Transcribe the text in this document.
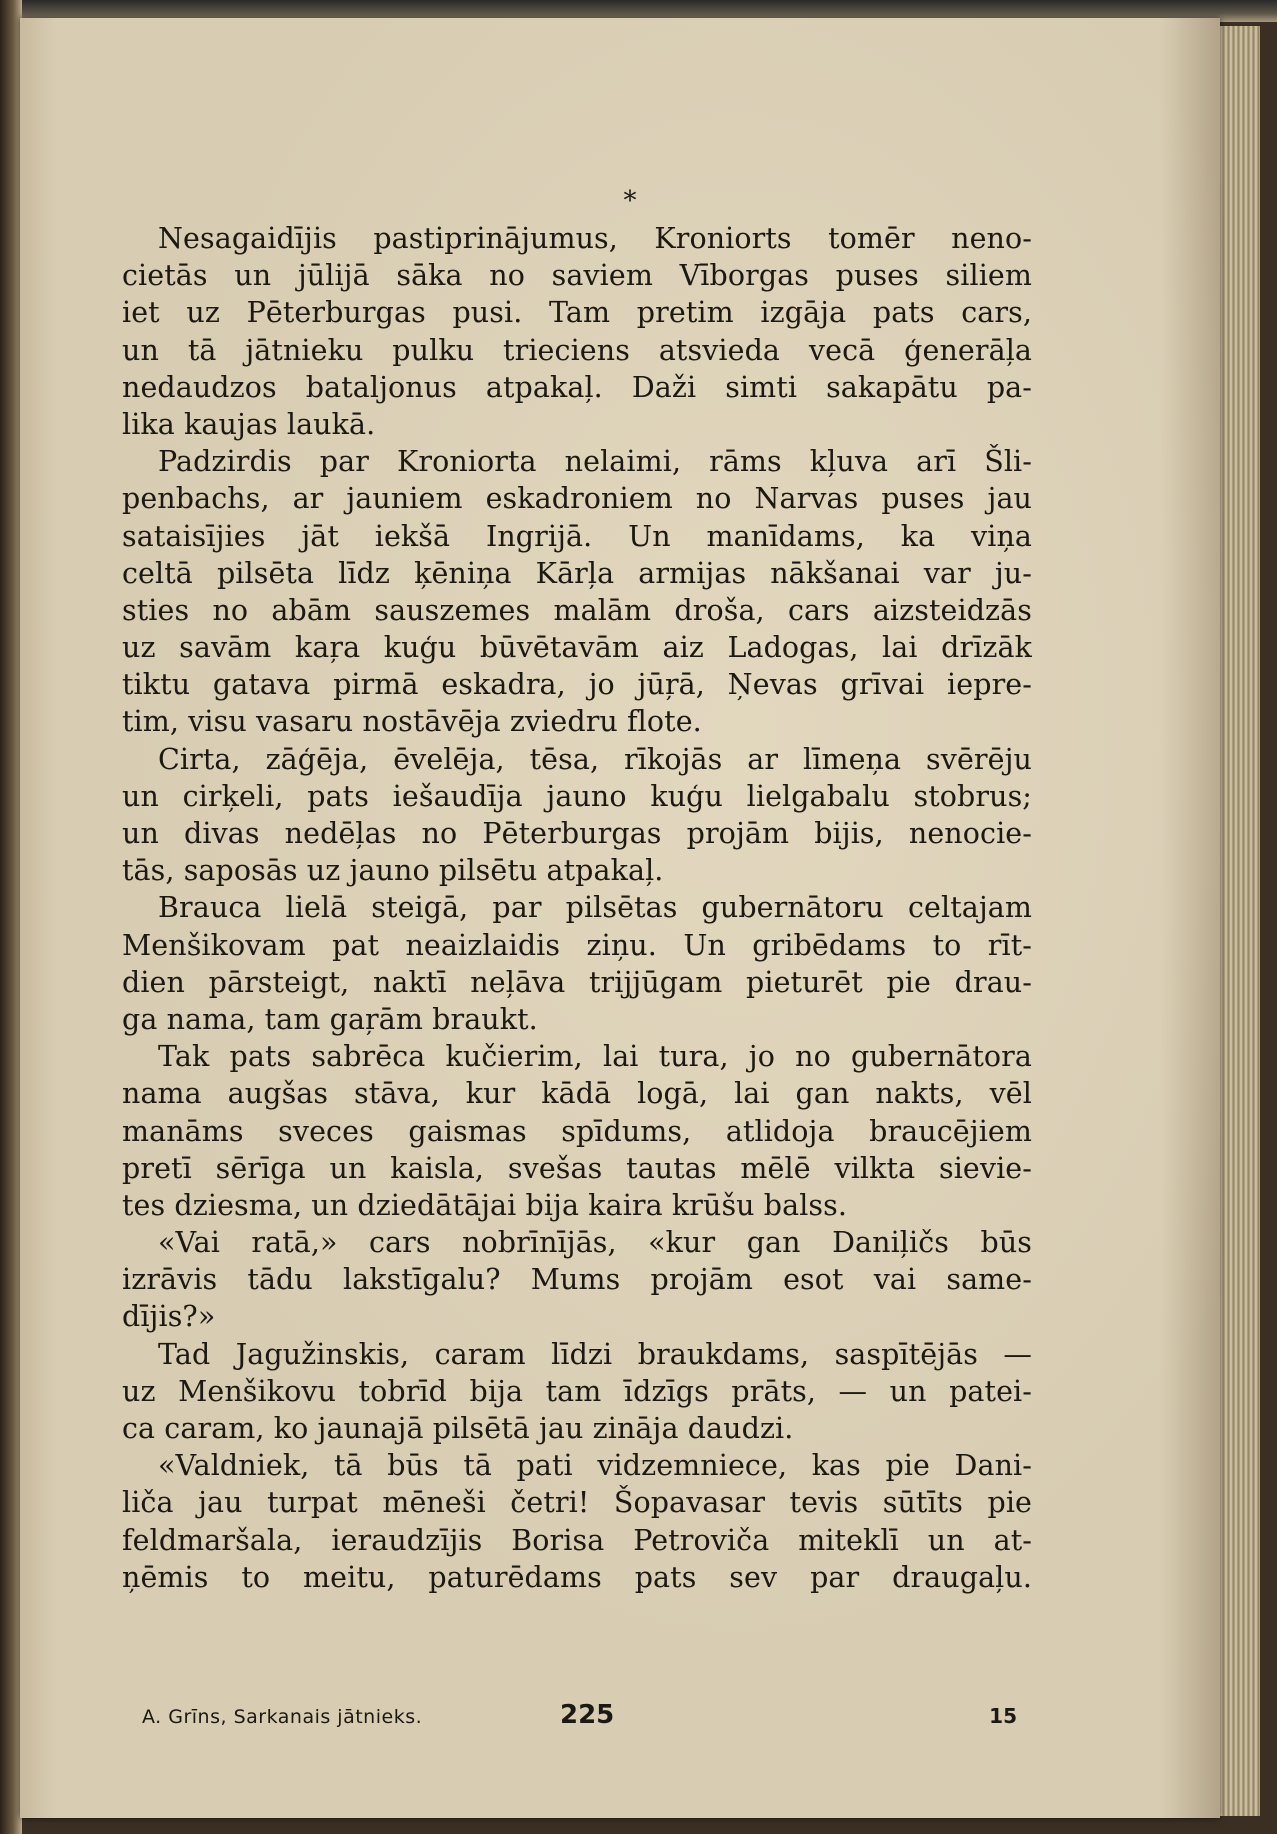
*
Nesagaidījis pastiprinājumus, Kroniorts tomēr neno-
cietās un jūlijā sāka no saviem Vīborgas puses siliem
iet uz Pēterburgas pusi. Tam pretim izgāja pats cars,
un tā jātnieku pulku trieciens atsvieda vecā ģenerāļa
nedaudzos bataljonus atpakaļ. Daži simti sakapātu pa-
lika kaujas laukā.
Padzirdis par Kroniorta nelaimi, rāms kļuva arī Šli-
penbachs, ar jauniem eskadroniem no Narvas puses jau
sataisījies jāt iekšā Ingrijā. Un manīdams, ka viņa
celtā pilsēta līdz ķēniņa Kārļa armijas nākšanai var ju-
sties no abām sauszemes malām droša, cars aizsteidzās
uz savām kaŗa kuģu būvētavām aiz Ladogas, lai drīzāk
tiktu gatava pirmā eskadra, jo jūŗā, Ņevas grīvai iepre-
tim, visu vasaru nostāvēja zviedru flote.
Cirta, zāģēja, ēvelēja, tēsa, rīkojās ar līmeņa svērēju
un cirķeli, pats iešaudīja jauno kuģu lielgabalu stobrus;
un divas nedēļas no Pēterburgas projām bijis, nenocie-
tās, saposās uz jauno pilsētu atpakaļ.
Brauca lielā steigā, par pilsētas gubernātoru celtajam
Menšikovam pat neaizlaidis ziņu. Un gribēdams to rīt-
dien pārsteigt, naktī neļāva trijjūgam pieturēt pie drau-
ga nama, tam gaŗām braukt.
Tak pats sabrēca kučierim, lai tura, jo no gubernātora
nama augšas stāva, kur kādā logā, lai gan nakts, vēl
manāms sveces gaismas spīdums, atlidoja braucējiem
pretī sērīga un kaisla, svešas tautas mēlē vilkta sievie-
tes dziesma, un dziedātājai bija kaira krūšu balss.
«Vai ratā,» cars nobrīnījās, «kur gan Daniļičs būs
izrāvis tādu lakstīgalu? Mums projām esot vai same-
dījis?»
Tad Jagužinskis, caram līdzi braukdams, saspītējās —
uz Menšikovu tobrīd bija tam īdzīgs prāts, — un patei-
ca caram, ko jaunajā pilsētā jau zināja daudzi.
«Valdniek, tā būs tā pati vidzemniece, kas pie Dani-
liča jau turpat mēneši četri! Šopavasar tevis sūtīts pie
feldmaršala, ieraudzījis Borisa Petroviča miteklī un at-
ņēmis to meitu, paturēdams pats sev par draugaļu.
A. Grīns, Sarkanais jātnieks.	225	15
